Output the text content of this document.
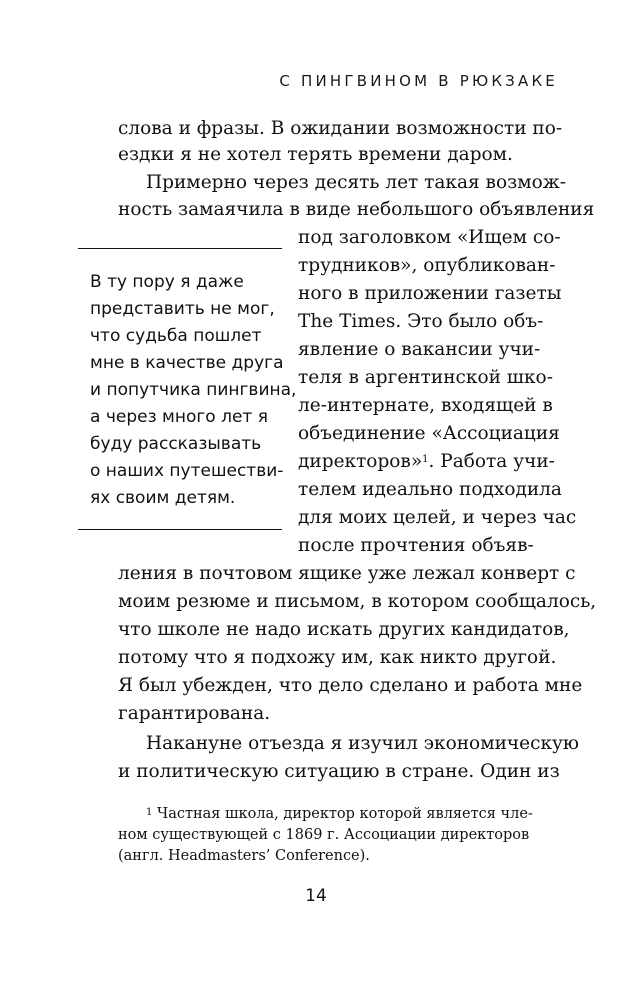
С ПИНГВИНОМ В РЮКЗАКЕ
слова и фразы. В ожидании возможности по-
ездки я не хотел терять времени даром.
Примерно через десять лет такая возмож-
ность замаячила в виде небольшого объявления
под заголовком «Ищем со-
трудников», опубликован-
ного в приложении газеты
The Times. Это было объ-
явление о вакансии учи-
теля в аргентинской шко-
ле-интернате, входящей в
объединение «Ассоциация
директоров»$^1$. Работа учи-
телем идеально подходила
для моих целей, и через час
после прочтения объяв-
ления в почтовом ящике уже лежал конверт с
моим резюме и письмом, в котором сообщалось,
что школе не надо искать других кандидатов,
потому что я подхожу им, как никто другой.
Я был убежден, что дело сделано и работа мне
гарантирована.
Накануне отъезда я изучил экономическую
и политическую ситуацию в стране. Один из
В ту пору я даже
представить не мог,
что судьба пошлет
мне в качестве друга
и попутчика пингвина,
а через много лет я
буду рассказывать
о наших путешестви-
ях своим детям.
$^1$ Частная школа, директор которой является чле-
ном существующей с 1869 г. Ассоциации директоров
(англ. Headmasters’ Conference).
14
